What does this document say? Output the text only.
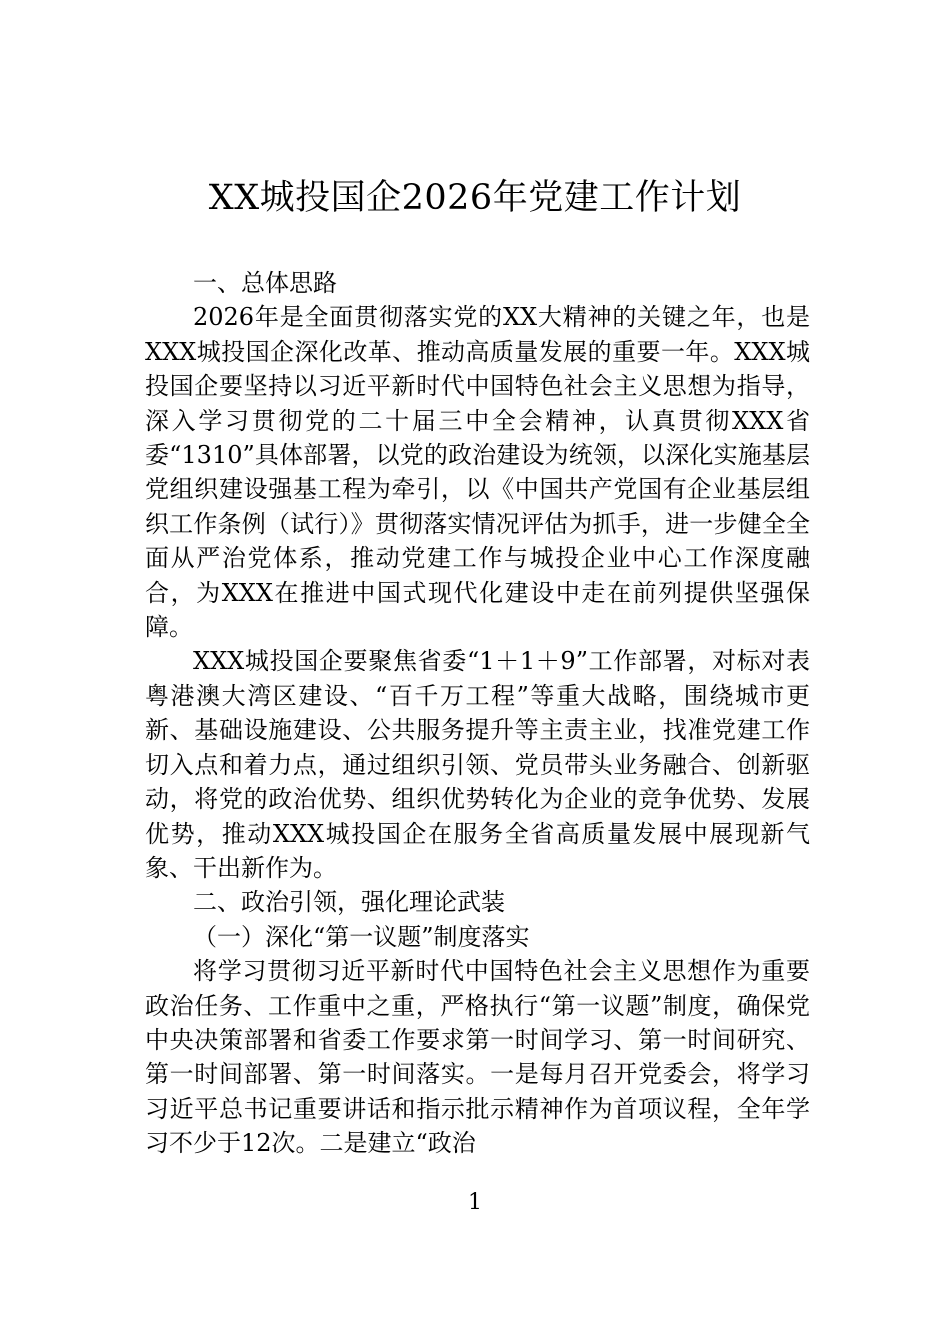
XX城投国企2026年党建工作计划
一、总体思路

2026年是全面贯彻落实党的XX大精神的关键之年，也是XXX城投国企深化改革、推动高质量发展的重要一年。XXX城投国企要坚持以习近平新时代中国特色社会主义思想为指导，深入学习贯彻党的二十届三中全会精神，认真贯彻XXX省委“1310”具体部署，以党的政治建设为统领，以深化实施基层党组织建设强基工程为牵引，以《中国共产党国有企业基层组织工作条例（试行）》贯彻落实情况评估为抓手，进一步健全全面从严治党体系，推动党建工作与城投企业中心工作深度融合，为XXX在推进中国式现代化建设中走在前列提供坚强保障。

XXX城投国企要聚焦省委“1＋1＋9”工作部署，对标对表粤港澳大湾区建设、“百千万工程”等重大战略，围绕城市更新、基础设施建设、公共服务提升等主责主业，找准党建工作切入点和着力点，通过组织引领、党员带头业务融合、创新驱动，将党的政治优势、组织优势转化为企业的竞争优势、发展优势，推动XXX城投国企在服务全省高质量发展中展现新气象、干出新作为。

二、政治引领，强化理论武装
（一）深化“第一议题”制度落实

将学习贯彻习近平新时代中国特色社会主义思想作为重要政治任务、工作重中之重，严格执行“第一议题”制度，确保党中央决策部署和省委工作要求第一时间学习、第一时间研究、第一时间部署、第一时间落实。一是每月召开党委会，将学习习近平总书记重要讲话和指示批示精神作为首项议程，全年学习不少于12次。二是建立“政治

1
